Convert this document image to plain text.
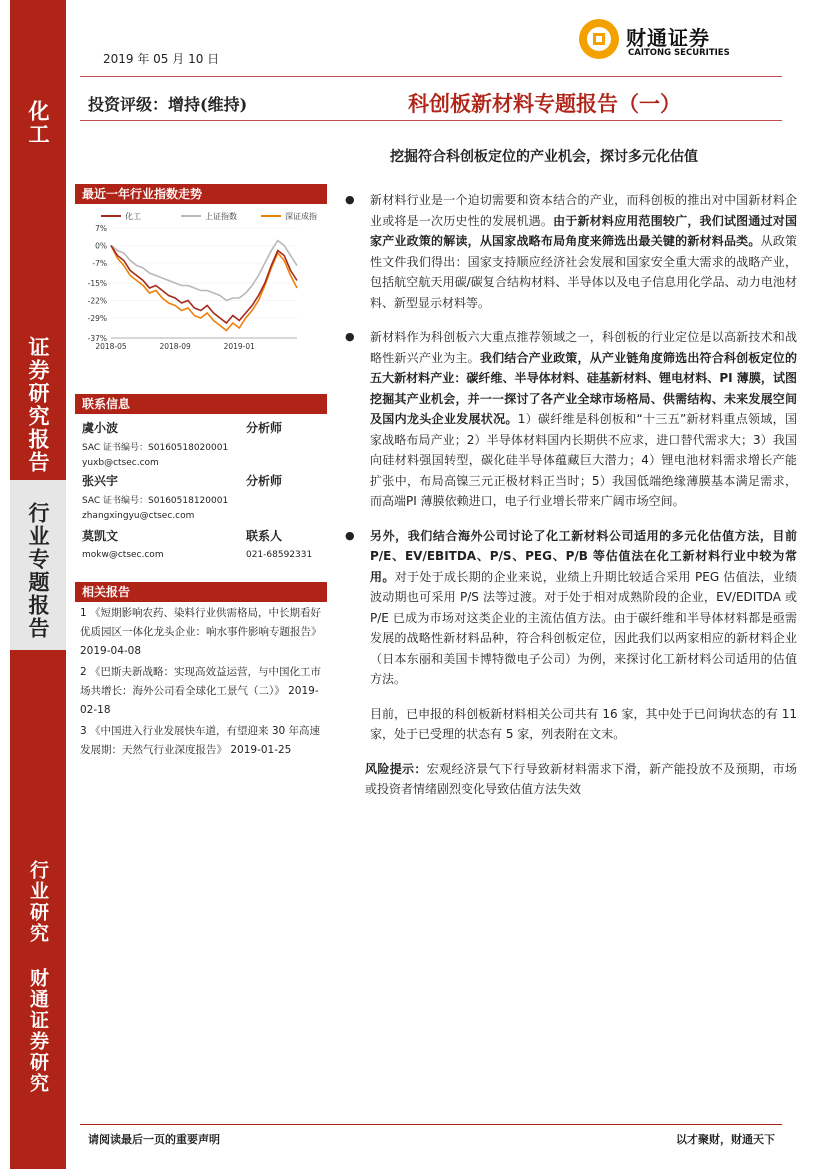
化工
证券研究报告
行业专题报告
行业研究 财通证券研究
2019 年 05 月 10 日
投资评级：增持(维持)	科创板新材料专题报告（一）
挖掘符合科创板定位的产业机会，探讨多元化估值
财通证券
CAITONG SECURITIES
最近一年行业指数走势
化工	上证指数	深证成指
7%
0%
-7%
-15%
-22%
-29%
-37%
2018-05	2018-09	2019-01
联系信息
虞小波	分析师
SAC 证书编号：S0160518020001
yuxb@ctsec.com
张兴宇	分析师
SAC 证书编号：S0160518120001
zhangxingyu@ctsec.com
莫凯文	联系人
mokw@ctsec.com	021-68592331
相关报告
1 《短期影响农药、染料行业供需格局，中长期看好优质园区一体化龙头企业：响水事件影响专题报告》 2019-04-08
2 《巴斯夫新战略：实现高效益运营，与中国化工市场共增长：海外公司看全球化工景气（二）》 2019-02-18
3 《中国进入行业发展快车道，有望迎来 30 年高速发展期：天然气行业深度报告》 2019-01-25
● 新材料行业是一个迫切需要和资本结合的产业，而科创板的推出对中国新材料企业或将是一次历史性的发展机遇。由于新材料应用范围较广，我们试图通过对国家产业政策的解读，从国家战略布局角度来筛选出最关键的新材料品类。从政策性文件我们得出：国家支持顺应经济社会发展和国家安全重大需求的战略产业，包括航空航天用碳/碳复合结构材料、半导体以及电子信息用化学品、动力电池材料、新型显示材料等。
● 新材料作为科创板六大重点推荐领域之一，科创板的行业定位是以高新技术和战略性新兴产业为主。我们结合产业政策，从产业链角度筛选出符合科创板定位的五大新材料产业：碳纤维、半导体材料、硅基新材料、锂电材料、PI 薄膜，试图挖掘其产业机会，并一一探讨了各产业全球市场格局、供需结构、未来发展空间及国内龙头企业发展状况。1）碳纤维是科创板和“十三五”新材料重点领域，国家战略布局产业；2）半导体材料国内长期供不应求，进口替代需求大；3）我国向硅材料强国转型，碳化硅半导体蕴藏巨大潜力；4）锂电池材料需求增长产能扩张中，布局高镍三元正极材料正当时；5）我国低端绝缘薄膜基本满足需求，而高端PI 薄膜依赖进口，电子行业增长带来广阔市场空间。
● 另外，我们结合海外公司讨论了化工新材料公司适用的多元化估值方法，目前 P/E、EV/EBITDA、P/S、PEG、P/B 等估值法在化工新材料行业中较为常用。对于处于成长期的企业来说，业绩上升期比较适合采用 PEG 估值法，业绩波动期也可采用 P/S 法等过渡。对于处于相对成熟阶段的企业，EV/EDITDA 或 P/E 已成为市场对这类企业的主流估值方法。由于碳纤维和半导体材料都是亟需发展的战略性新材料品种，符合科创板定位，因此我们以两家相应的新材料企业（日本东丽和美国卡博特微电子公司）为例，来探讨化工新材料公司适用的估值方法。
目前，已申报的科创板新材料相关公司共有 16 家，其中处于已问询状态的有 11 家，处于已受理的状态有 5 家，列表附在文末。
风险提示：宏观经济景气下行导致新材料需求下滑，新产能投放不及预期，市场或投资者情绪剧烈变化导致估值方法失效
请阅读最后一页的重要声明	以才聚财，财通天下
